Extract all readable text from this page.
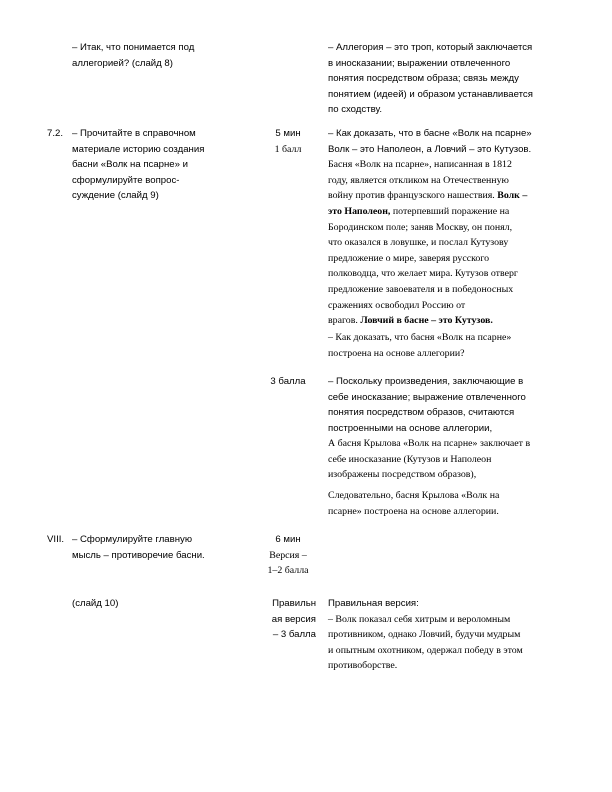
– Итак, что понимается под
аллегорией? (слайд 8)
– Аллегория – это троп, который заключается
в иносказании; выражении отвлеченного
понятия посредством образа; связь между
понятием (идеей) и образом устанавливается
по сходству.
7.2. – Прочитайте в справочном
материале историю создания
басни «Волк на псарне» и
сформулируйте вопрос-
суждение (слайд 9)
5 мин
1 балл
– Как доказать, что в басне «Волк на псарне»
Волк – это Наполеон, а Ловчий – это Кутузов.
Басня «Волк на псарне», написанная в 1812
году, является откликом на Отечественную
войну против французского нашествия. Волк –
это Наполеон, потерпевший поражение на
Бородинском поле; заняв Москву, он понял,
что оказался в ловушке, и послал Кутузову
предложение о мире, заверяя русского
полководца, что желает мира. Кутузов отверг
предложение завоевателя и в победоносных
сражениях освободил Россию от
врагов. Ловчий в басне – это Кутузов.
– Как доказать, что басня «Волк на псарне»
построена на основе аллегории?
3 балла	– Поскольку произведения, заключающие в
себе иносказание; выражение отвлеченного
понятия посредством образов, считаются
построенными на основе аллегории,
А басня Крылова «Волк на псарне» заключает в
себе иносказание (Кутузов и Наполеон
изображены посредством образов),
Следовательно, басня Крылова «Волк на
псарне» построена на основе аллегории.
VIII. – Сформулируйте главную
мысль – противоречие басни.
(слайд 10)
6 мин
Версия –
1–2 балла
Правильн
ая версия
– 3 балла
Правильная версия:
– Волк показал себя хитрым и вероломным
противником, однако Ловчий, будучи мудрым
и опытным охотником, одержал победу в этом
противоборстве.
